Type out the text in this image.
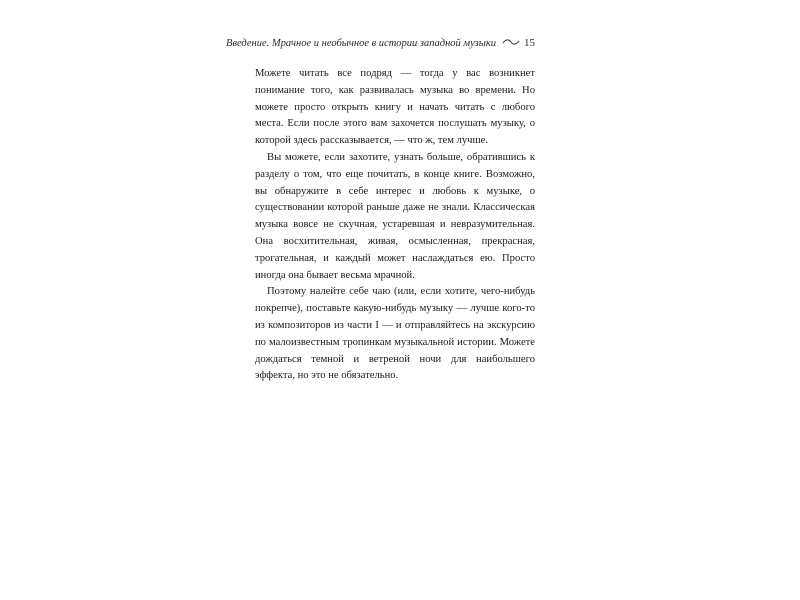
Введение. Мрачное и необычное в истории западной музыки	15

Можете читать все подряд — тогда у вас возникнет понимание того, как развивалась музыка во времени. Но можете просто открыть книгу и начать читать с любого места. Если после этого вам захочется послушать музыку, о которой здесь рассказывается, — что ж, тем лучше.

Вы можете, если захотите, узнать больше, обратившись к разделу о том, что еще почитать, в конце книге. Возможно, вы обнаружите в себе интерес и любовь к музыке, о существовании которой раньше даже не знали. Классическая музыка вовсе не скучная, устаревшая и невразумительная. Она восхитительная, живая, осмысленная, прекрасная, трогательная, и каждый может наслаждаться ею. Просто иногда она бывает весьма мрачной.

Поэтому налейте себе чаю (или, если хотите, чего-нибудь покрепче), поставьте какую-нибудь музыку — лучше кого-то из композиторов из части I — и отправляйтесь на экскурсию по малоизвестным тропинкам музыкальной истории. Можете дождаться темной и ветреной ночи для наибольшего эффекта, но это не обязательно.
